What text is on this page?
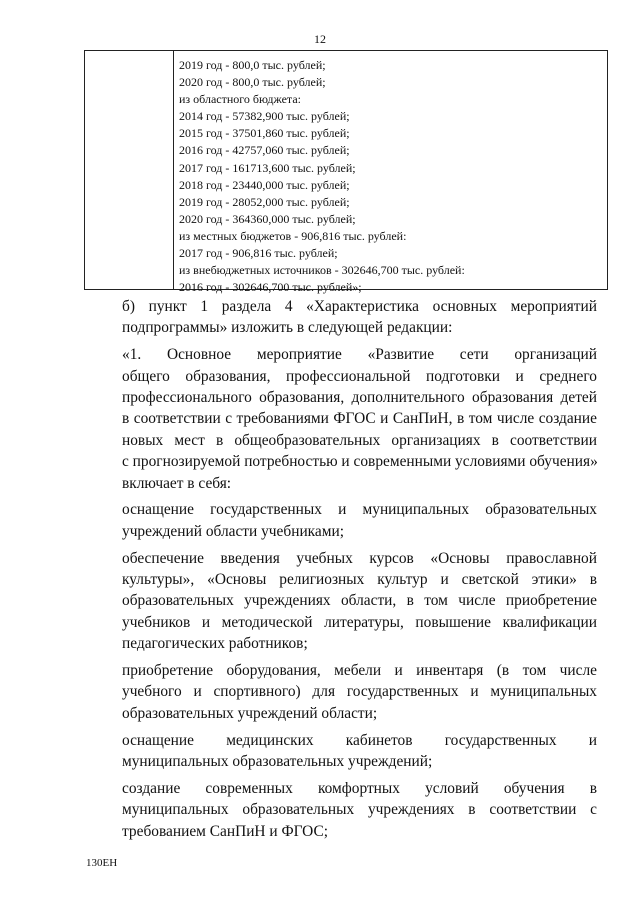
12
2019 год - 800,0 тыс. рублей;
2020 год - 800,0 тыс. рублей;
из областного бюджета:
2014 год - 57382,900 тыс. рублей;
2015 год - 37501,860 тыс. рублей;
2016 год - 42757,060 тыс. рублей;
2017 год - 161713,600 тыс. рублей;
2018 год - 23440,000 тыс. рублей;
2019 год - 28052,000 тыс. рублей;
2020 год - 364360,000 тыс. рублей;
из местных бюджетов - 906,816 тыс. рублей:
2017 год - 906,816 тыс. рублей;
из внебюджетных источников - 302646,700 тыс. рублей:
2016 год - 302646,700 тыс. рублей»;
б) пункт 1 раздела 4 «Характеристика основных мероприятий
подпрограммы» изложить в следующей редакции:
«1. Основное мероприятие «Развитие сети организаций
общего образования, профессиональной подготовки и среднего
профессионального образования, дополнительного образования детей
в соответствии с требованиями ФГОС и СанПиН, в том числе создание
новых мест в общеобразовательных организациях в соответствии
с прогнозируемой потребностью и современными условиями обучения»
включает в себя:
оснащение государственных и муниципальных образовательных
учреждений области учебниками;
обеспечение введения учебных курсов «Основы православной
культуры», «Основы религиозных культур и светской этики» в
образовательных учреждениях области, в том числе приобретение
учебников и методической литературы, повышение квалификации
педагогических работников;
приобретение оборудования, мебели и инвентаря (в том числе
учебного и спортивного) для государственных и муниципальных
образовательных учреждений области;
оснащение медицинских кабинетов государственных и
муниципальных образовательных учреждений;
создание современных комфортных условий обучения в
муниципальных образовательных учреждениях в соответствии с
требованием СанПиН и ФГОС;
130ЕН
